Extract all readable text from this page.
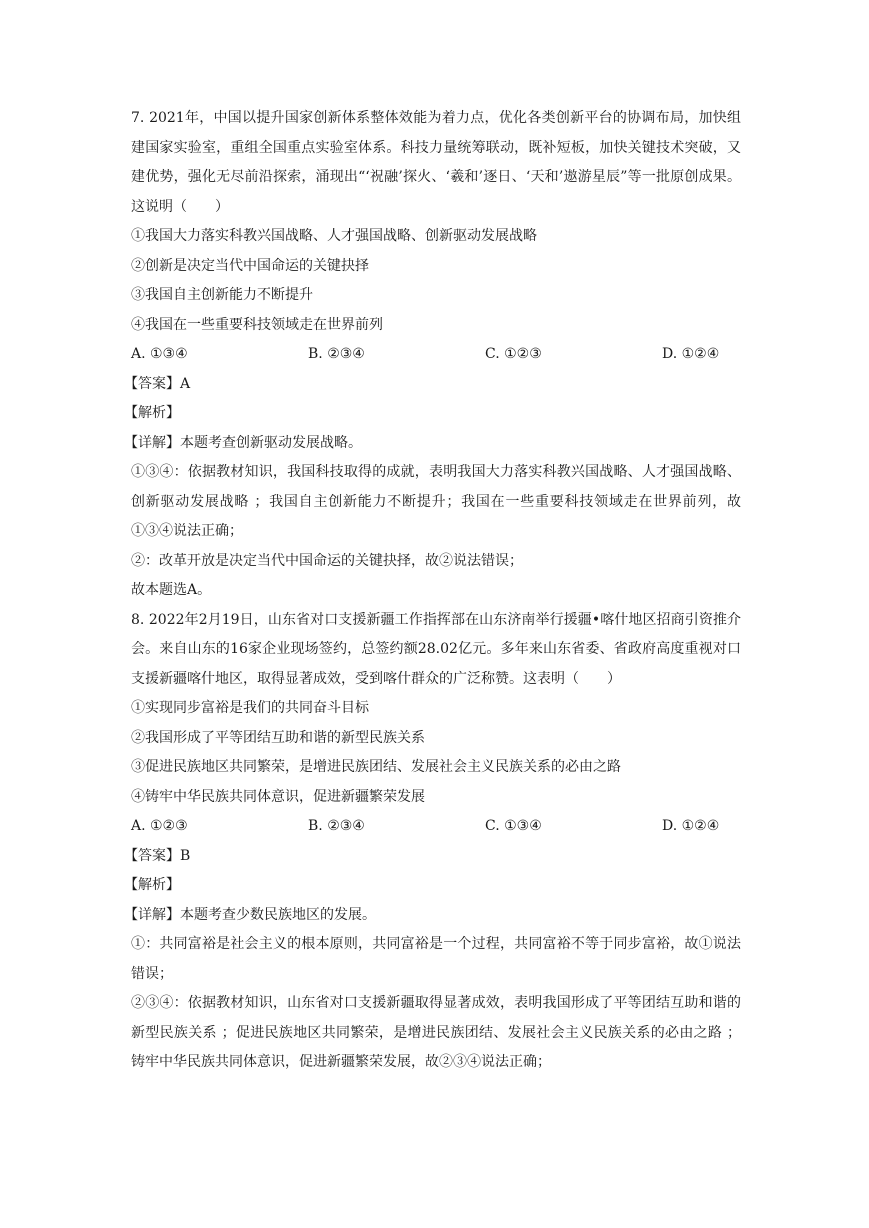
7. 2021年，中国以提升国家创新体系整体效能为着力点，优化各类创新平台的协调布局，加快组建国家实验室，重组全国重点实验室体系。科技力量统筹联动，既补短板，加快关键技术突破，又建优势，强化无尽前沿探索，涌现出“‘祝融’探火、‘羲和’逐日、‘天和’遨游星辰”等一批原创成果。这说明（　　）
①我国大力落实科教兴国战略、人才强国战略、创新驱动发展战略
②创新是决定当代中国命运的关键抉择
③我国自主创新能力不断提升
④我国在一些重要科技领域走在世界前列
A. ①③④	B. ②③④	C. ①②③	D. ①②④
【答案】A
【解析】
【详解】本题考查创新驱动发展战略。
①③④：依据教材知识，我国科技取得的成就，表明我国大力落实科教兴国战略、人才强国战略、创新驱动发展战略 ；我国自主创新能力不断提升；我国在一些重要科技领域走在世界前列，故①③④说法正确；
②：改革开放是决定当代中国命运的关键抉择，故②说法错误；
故本题选A。
8. 2022年2月19日，山东省对口支援新疆工作指挥部在山东济南举行援疆•喀什地区招商引资推介会。来自山东的16家企业现场签约，总签约额28.02亿元。多年来山东省委、省政府高度重视对口支援新疆喀什地区，取得显著成效，受到喀什群众的广泛称赞。这表明（　　）
①实现同步富裕是我们的共同奋斗目标
②我国形成了平等团结互助和谐的新型民族关系
③促进民族地区共同繁荣，是增进民族团结、发展社会主义民族关系的必由之路
④铸牢中华民族共同体意识，促进新疆繁荣发展
A. ①②③	B. ②③④	C. ①③④	D. ①②④
【答案】B
【解析】
【详解】本题考查少数民族地区的发展。
①：共同富裕是社会主义的根本原则，共同富裕是一个过程，共同富裕不等于同步富裕，故①说法错误；
②③④：依据教材知识，山东省对口支援新疆取得显著成效，表明我国形成了平等团结互助和谐的新型民族关系 ；促进民族地区共同繁荣，是增进民族团结、发展社会主义民族关系的必由之路 ；铸牢中华民族共同体意识，促进新疆繁荣发展，故②③④说法正确；
